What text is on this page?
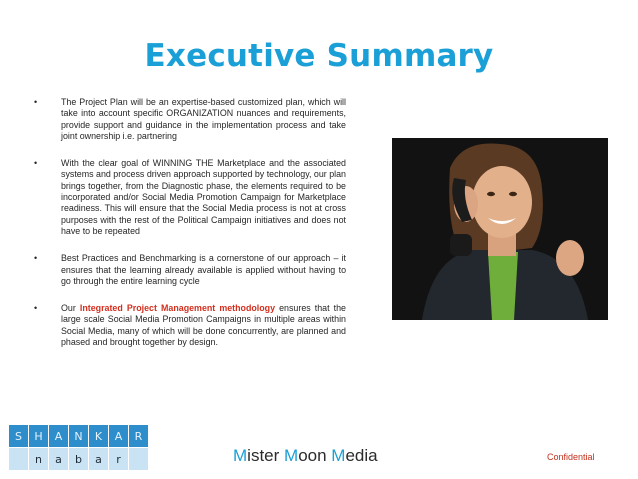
Executive Summary
•	The Project Plan will be an expertise-based customized plan, which will take into account specific ORGANIZATION nuances and requirements, provide support and guidance in the implementation process and take joint ownership i.e. partnering
•	With the clear goal of WINNING THE Marketplace and the associated systems and process driven approach supported by technology, our plan brings together, from the Diagnostic phase, the elements required to be incorporated and/or Social Media Promotion Campaign for Marketplace readiness. This will ensure that the Social Media process is not at cross purposes with the rest of the Political Campaign initiatives and does not have to be repeated
•	Best Practices and Benchmarking is a cornerstone of our approach – it ensures that the learning already available is applied without having to go through the entire learning cycle
•	Our Integrated Project Management methodology ensures that the large scale Social Media Promotion Campaigns in multiple areas within Social Media, many of which will be done concurrently, are planned and phased and brought together by design.
S	H	A	N	K	A	R
	n	a	b	a	r		Mister Moon Media	Confidential
